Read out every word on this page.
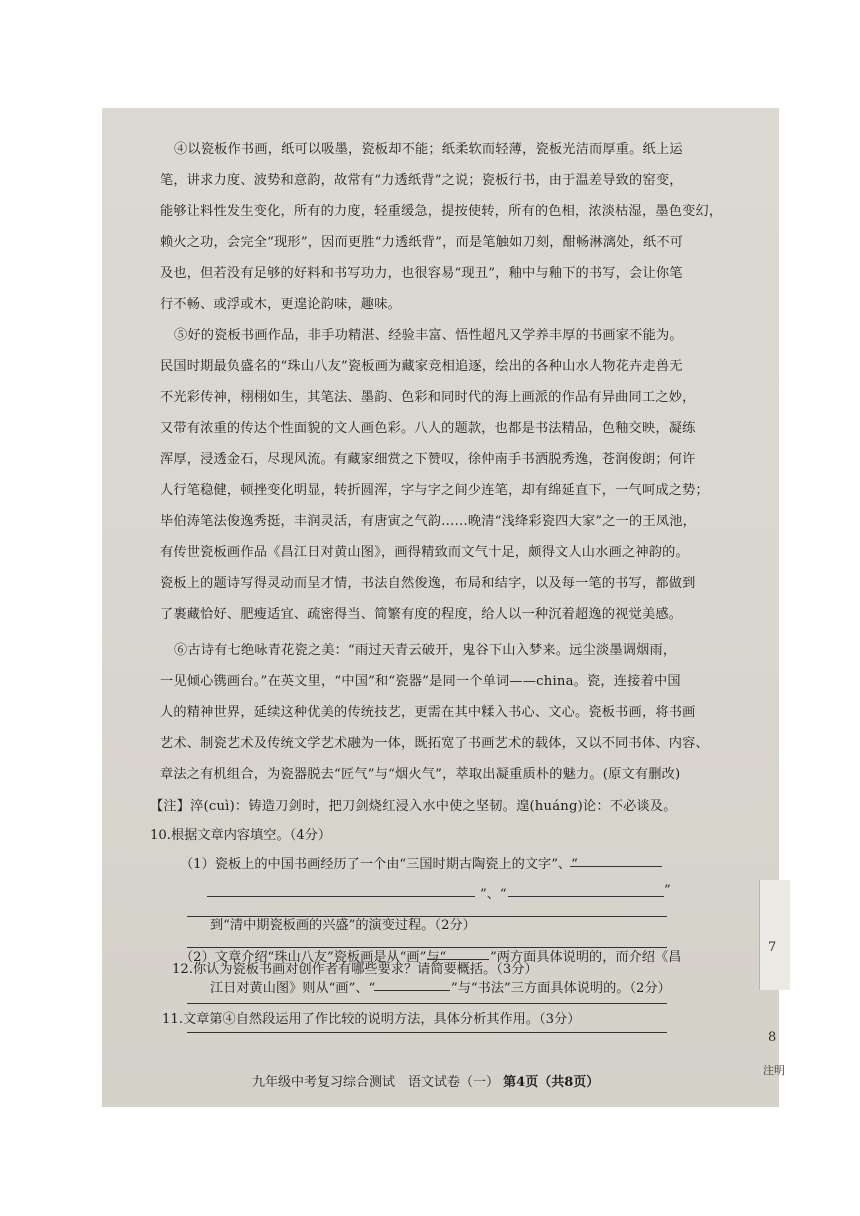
④以瓷板作书画，纸可以吸墨，瓷板却不能；纸柔软而轻薄，瓷板光洁而厚重。纸上运
笔，讲求力度、波势和意韵，故常有“力透纸背”之说；瓷板行书，由于温差导致的窑变，
能够让料性发生变化，所有的力度，轻重缓急，提按使转，所有的色相，浓淡枯湿，墨色变幻，
赖火之功，会完全“现形”，因而更胜“力透纸背”，而是笔触如刀刻，酣畅淋漓处，纸不可
及也，但若没有足够的好料和书写功力，也很容易“现丑”，釉中与釉下的书写，会让你笔
行不畅、或浮或木，更遑论韵味，趣味。
⑤好的瓷板书画作品，非手功精湛、经验丰富、悟性超凡又学养丰厚的书画家不能为。
民国时期最负盛名的“珠山八友”瓷板画为藏家竞相追逐，绘出的各种山水人物花卉走兽无
不光彩传神，栩栩如生，其笔法、墨韵、色彩和同时代的海上画派的作品有异曲同工之妙，
又带有浓重的传达个性面貌的文人画色彩。八人的题款，也都是书法精品，色釉交映，凝练
浑厚，浸透金石，尽现风流。有藏家细赏之下赞叹，徐仲南手书洒脱秀逸，苍润俊朗；何许
人行笔稳健，顿挫变化明显，转折圆浑，字与字之间少连笔，却有绵延直下，一气呵成之势；
毕伯涛笔法俊逸秀挺，丰润灵活，有唐寅之气韵……晚清“浅绛彩瓷四大家”之一的王凤池，
有传世瓷板画作品《昌江日对黄山图》，画得精致而文气十足，颇得文人山水画之神韵的。
瓷板上的题诗写得灵动而呈才情，书法自然俊逸，布局和结字，以及每一笔的书写，都做到
了裹藏恰好、肥瘦适宜、疏密得当、简繁有度的程度，给人以一种沉着超逸的视觉美感。
⑥古诗有七绝咏青花瓷之美：“雨过天青云破开，鬼谷下山入梦来。远尘淡墨调烟雨，
一见倾心镌画台。”在英文里，“中国”和“瓷器”是同一个单词——china。瓷，连接着中国
人的精神世界，延续这种优美的传统技艺，更需在其中糅入书心、文心。瓷板书画，将书画
艺术、制瓷艺术及传统文学艺术融为一体，既拓宽了书画艺术的载体，又以不同书体、内容、
章法之有机组合，为瓷器脱去“匠气”与“烟火气”，萃取出凝重质朴的魅力。(原文有删改)
【注】淬(cuì)：铸造刀剑时，把刀剑烧红浸入水中使之坚韧。遑(huáng)论：不必谈及。
10.根据文章内容填空。（4分）
（1）瓷板上的中国书画经历了一个由“三国时期古陶瓷上的文字”、“
”、“	”
到“清中期瓷板画的兴盛”的演变过程。（2分）
（2）文章介绍“珠山八友”瓷板画是从“画”与“	”两方面具体说明的，而介绍《昌
江日对黄山图》则从“画”、“	”与“书法”三方面具体说明的。（2分）
11.文章第④自然段运用了作比较的说明方法，具体分析其作用。（3分）
九年级中考复习综合测试　语文试卷（一） 第4页（共8页）
12.你认为瓷板书画对创作者有哪些要求？请简要概括。（3分）
7
8
注明
